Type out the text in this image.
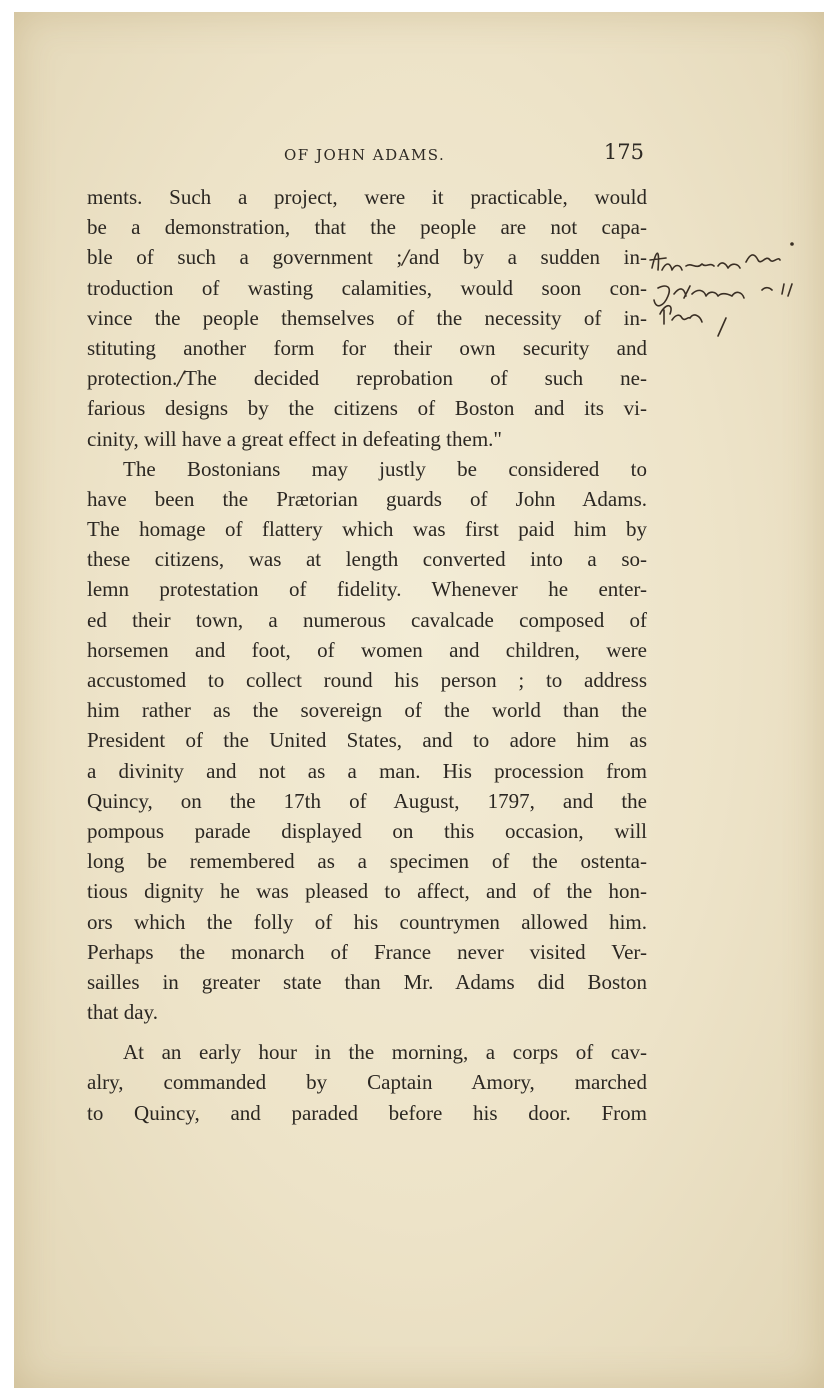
OF JOHN ADAMS.	175
ments. Such a project, were it practicable, would
be a demonstration, that the people are not capa-
ble of such a government ;/and by a sudden in-
troduction of wasting calamities, would soon con-
vince the people themselves of the necessity of in-
stituting another form for their own security and
protection./The decided reprobation of such ne-
farious designs by the citizens of Boston and its vi-
cinity, will have a great effect in defeating them."
The Bostonians may justly be considered to
have been the Prætorian guards of John Adams.
The homage of flattery which was first paid him by
these citizens, was at length converted into a so-
lemn protestation of fidelity. Whenever he enter-
ed their town, a numerous cavalcade composed of
horsemen and foot, of women and children, were
accustomed to collect round his person ; to address
him rather as the sovereign of the world than the
President of the United States, and to adore him as
a divinity and not as a man. His procession from
Quincy, on the 17th of August, 1797, and the
pompous parade displayed on this occasion, will
long be remembered as a specimen of the ostenta-
tious dignity he was pleased to affect, and of the hon-
ors which the folly of his countrymen allowed him.
Perhaps the monarch of France never visited Ver-
sailles in greater state than Mr. Adams did Boston
that day.
At an early hour in the morning, a corps of cav-
alry, commanded by Captain Amory, marched
to Quincy, and paraded before his door. From
